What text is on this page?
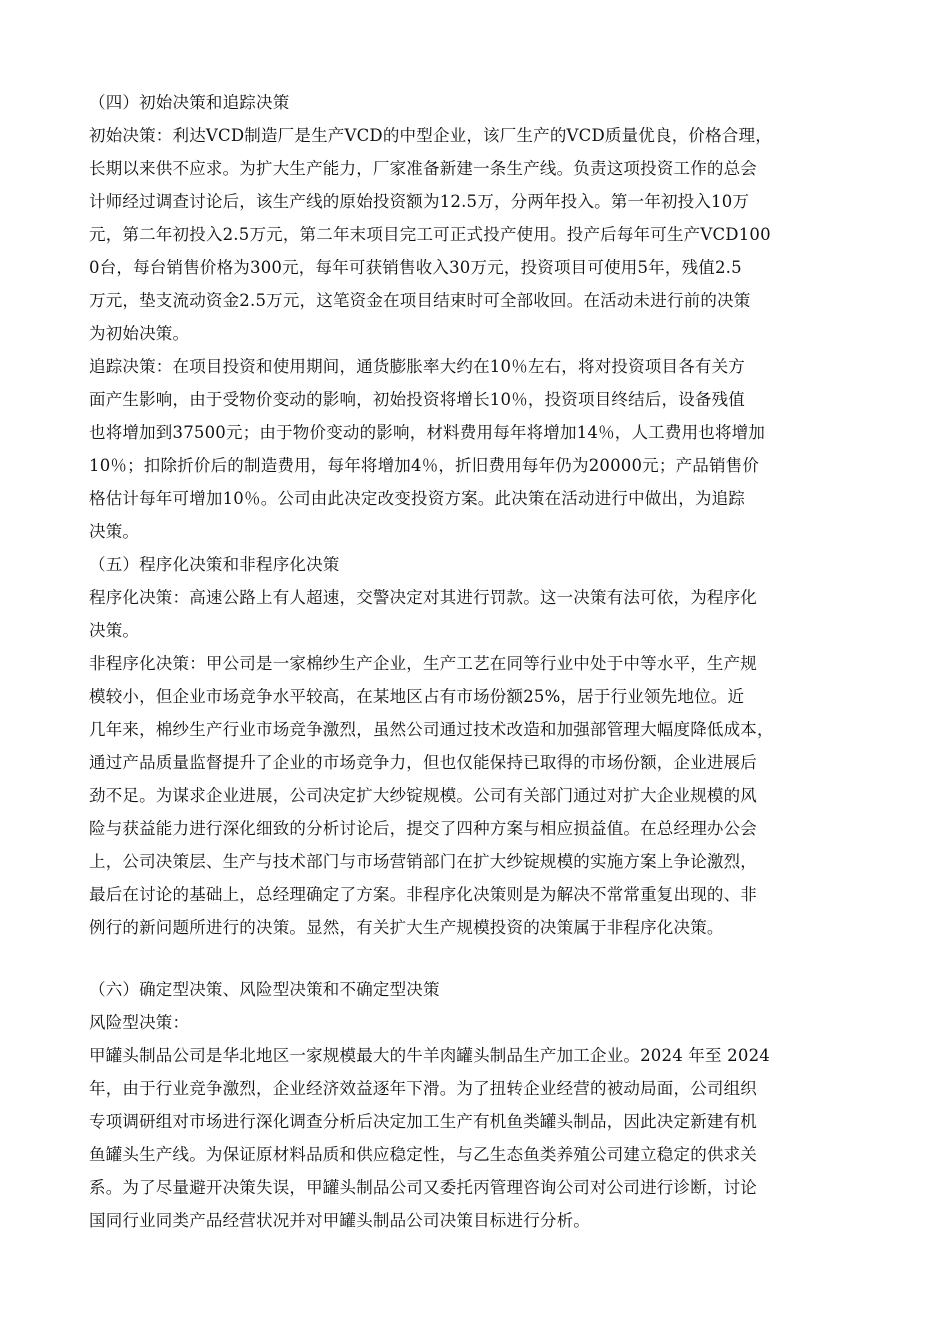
（四）初始决策和追踪决策
初始决策：利达VCD制造厂是生产VCD的中型企业，该厂生产的VCD质量优良，价格合理，
长期以来供不应求。为扩大生产能力，厂家准备新建一条生产线。负责这项投资工作的总会
计师经过调查讨论后，该生产线的原始投资额为12.5万，分两年投入。第一年初投入10万
元，第二年初投入2.5万元，第二年末项目完工可正式投产使用。投产后每年可生产VCD100
0台，每台销售价格为300元，每年可获销售收入30万元，投资项目可使用5年，残值2.5
万元，垫支流动资金2.5万元，这笔资金在项目结束时可全部收回。在活动未进行前的决策
为初始决策。
追踪决策：在项目投资和使用期间，通货膨胀率大约在10％左右，将对投资项目各有关方
面产生影响，由于受物价变动的影响，初始投资将增长10％，投资项目终结后，设备残值
也将增加到37500元；由于物价变动的影响，材料费用每年将增加14％，人工费用也将增加
10％；扣除折价后的制造费用，每年将增加4％，折旧费用每年仍为20000元；产品销售价
格估计每年可增加10％。公司由此决定改变投资方案。此决策在活动进行中做出，为追踪
决策。
（五）程序化决策和非程序化决策
程序化决策：高速公路上有人超速，交警决定对其进行罚款。这一决策有法可依，为程序化
决策。
非程序化决策：甲公司是一家棉纱生产企业，生产工艺在同等行业中处于中等水平，生产规
模较小，但企业市场竞争水平较高，在某地区占有市场份额25%，居于行业领先地位。近
几年来，棉纱生产行业市场竞争激烈，虽然公司通过技术改造和加强部管理大幅度降低成本，
通过产品质量监督提升了企业的市场竞争力，但也仅能保持已取得的市场份额，企业进展后
劲不足。为谋求企业进展，公司决定扩大纱锭规模。公司有关部门通过对扩大企业规模的风
险与获益能力进行深化细致的分析讨论后，提交了四种方案与相应损益值。在总经理办公会
上，公司决策层、生产与技术部门与市场营销部门在扩大纱锭规模的实施方案上争论激烈，
最后在讨论的基础上，总经理确定了方案。非程序化决策则是为解决不常常重复出现的、非
例行的新问题所进行的决策。显然，有关扩大生产规模投资的决策属于非程序化决策。
（六）确定型决策、风险型决策和不确定型决策
风险型决策：
甲罐头制品公司是华北地区一家规模最大的牛羊肉罐头制品生产加工企业。2024 年至 2024
年，由于行业竞争激烈，企业经济效益逐年下滑。为了扭转企业经营的被动局面，公司组织
专项调研组对市场进行深化调查分析后决定加工生产有机鱼类罐头制品，因此决定新建有机
鱼罐头生产线。为保证原材料品质和供应稳定性，与乙生态鱼类养殖公司建立稳定的供求关
系。为了尽量避开决策失误，甲罐头制品公司又委托丙管理咨询公司对公司进行诊断，讨论
国同行业同类产品经营状况并对甲罐头制品公司决策目标进行分析。
